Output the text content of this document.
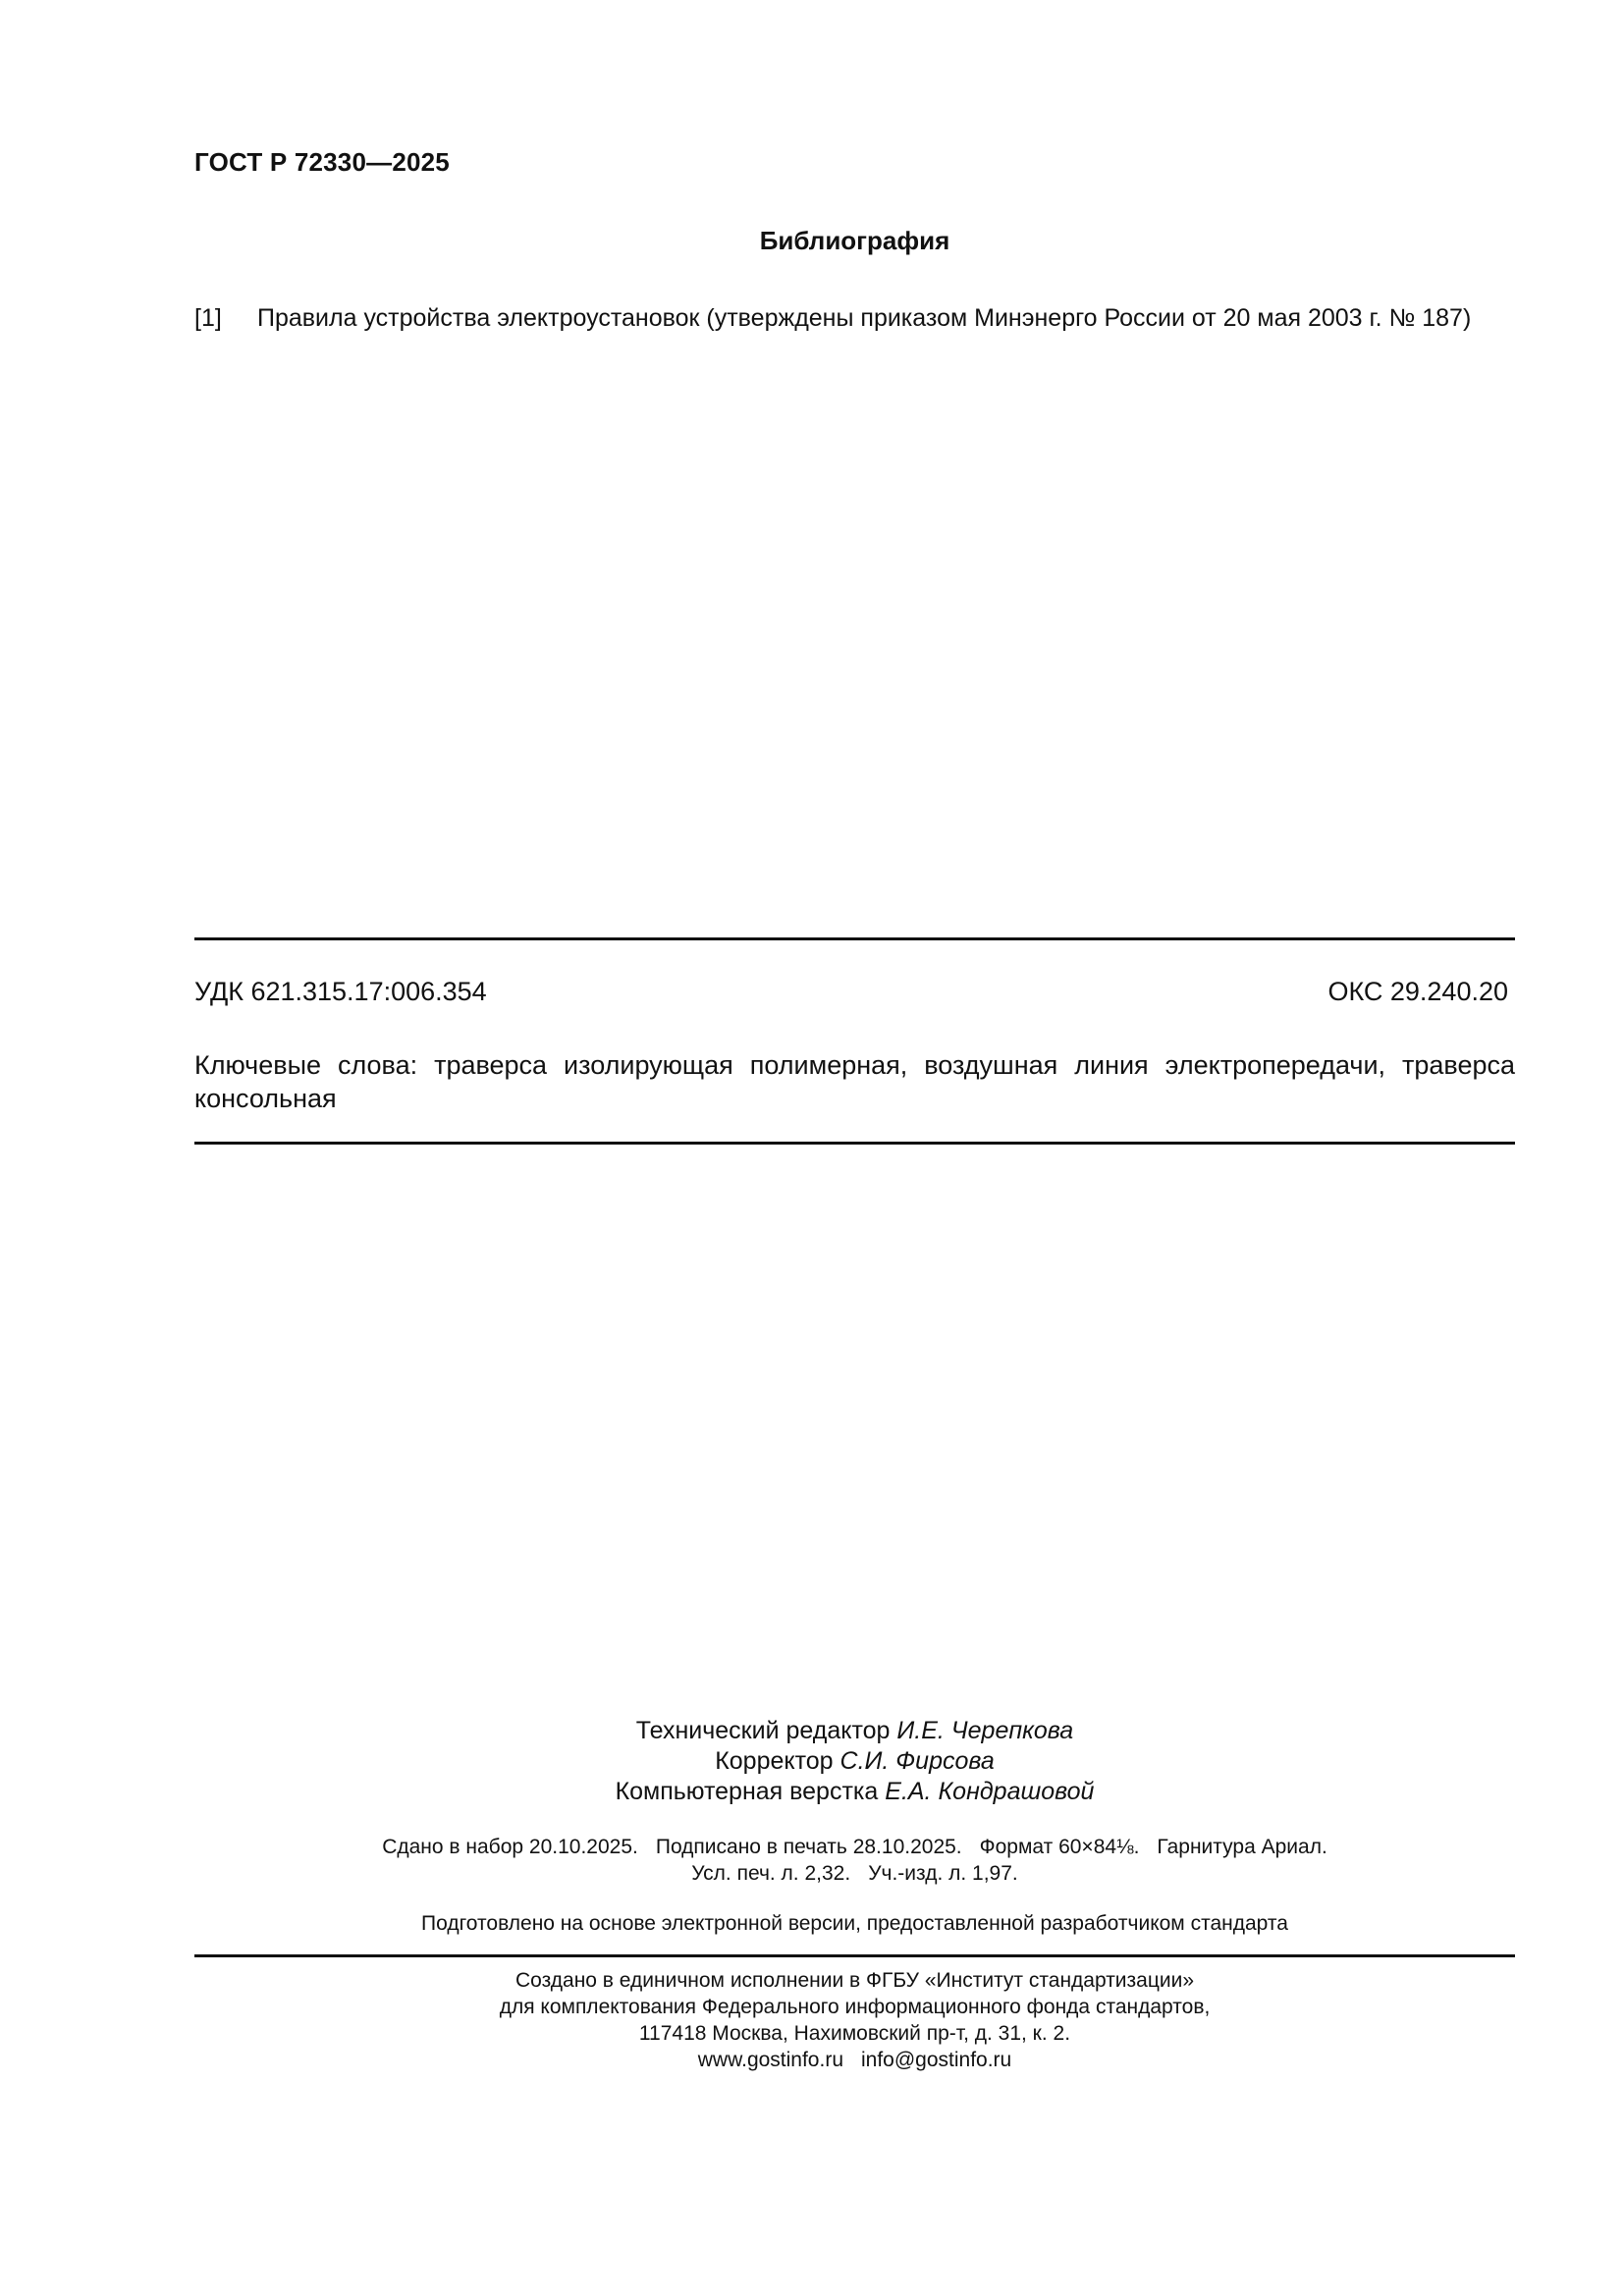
ГОСТ Р 72330—2025
Библиография
[1] Правила устройства электроустановок (утверждены приказом Минэнерго России от 20 мая 2003 г. № 187)
УДК 621.315.17:006.354	ОКС 29.240.20
Ключевые слова: траверса изолирующая полимерная, воздушная линия электропередачи, траверса
консольная
Технический редактор И.Е. Черепкова
Корректор С.И. Фирсова
Компьютерная верстка Е.А. Кондрашовой
Сдано в набор 20.10.2025. Подписано в печать 28.10.2025. Формат 60×84⅛. Гарнитура Ариал.
Усл. печ. л. 2,32. Уч.-изд. л. 1,97.
Подготовлено на основе электронной версии, предоставленной разработчиком стандарта
Создано в единичном исполнении в ФГБУ «Институт стандартизации»
для комплектования Федерального информационного фонда стандартов,
117418 Москва, Нахимовский пр-т, д. 31, к. 2.
www.gostinfo.ru info@gostinfo.ru
